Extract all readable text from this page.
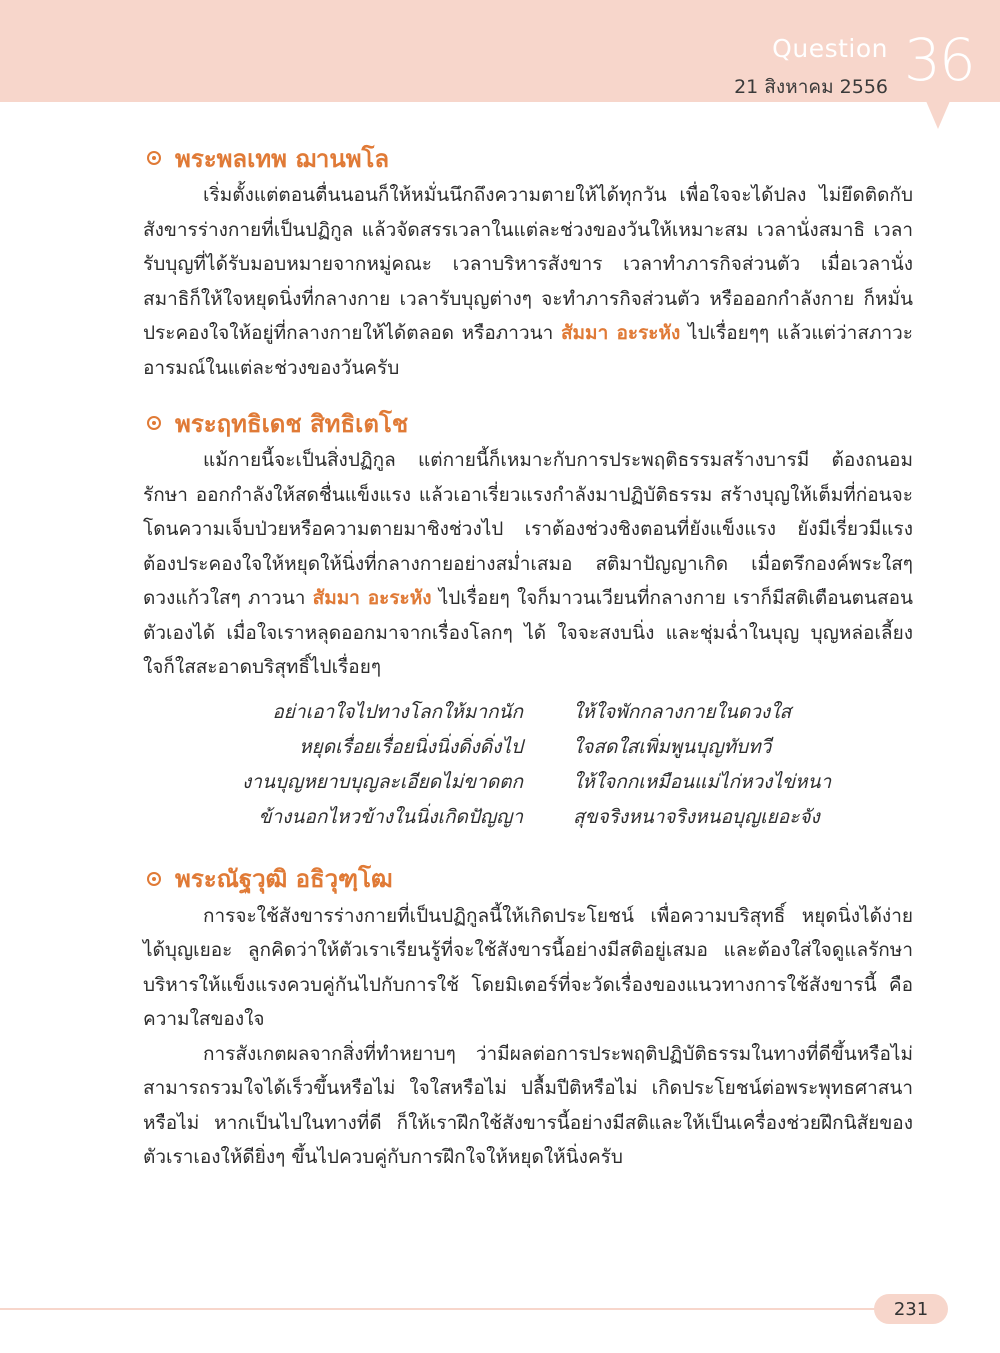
Question
21 สิงหาคม 2556 36
พระพลเทพ ฌานพโล

เริ่มตั้งแต่ตอนตื่นนอนก็ให้หมั่นนึกถึงความตายให้ได้ทุกวัน เพื่อใจจะได้ปลง ไม่ยึดติดกับสังขารร่างกายที่เป็นปฏิกูล แล้วจัดสรรเวลาในแต่ละช่วงของวันให้เหมาะสม เวลานั่งสมาธิ เวลารับบุญที่ได้รับมอบหมายจากหมู่คณะ เวลาบริหารสังขาร เวลาทำภารกิจส่วนตัว เมื่อเวลานั่งสมาธิก็ให้ใจหยุดนิ่งที่กลางกาย เวลารับบุญต่างๆ จะทำภารกิจส่วนตัว หรือออกกำลังกาย ก็หมั่นประคองใจให้อยู่ที่กลางกายให้ได้ตลอด หรือภาวนา สัมมา อะระหัง ไปเรื่อยๆๆ แล้วแต่ว่าสภาวะอารมณ์ในแต่ละช่วงของวันครับ

พระฤทธิเดช สิทธิเตโช

แม้กายนี้จะเป็นสิ่งปฏิกูล แต่กายนี้ก็เหมาะกับการประพฤติธรรมสร้างบารมี ต้องถนอม รักษา ออกกำลังให้สดชื่นแข็งแรง แล้วเอาเรี่ยวแรงกำลังมาปฏิบัติธรรม สร้างบุญให้เต็มที่ก่อนจะโดนความเจ็บป่วยหรือความตายมาชิงช่วงไป เราต้องช่วงชิงตอนที่ยังแข็งแรง ยังมีเรี่ยวมีแรง ต้องประคองใจให้หยุดให้นิ่งที่กลางกายอย่างสม่ำเสมอ สติมาปัญญาเกิด เมื่อตรึกองค์พระใสๆ ดวงแก้วใสๆ ภาวนา สัมมา อะระหัง ไปเรื่อยๆ ใจก็มาวนเวียนที่กลางกาย เราก็มีสติเตือนตนสอนตัวเองได้ เมื่อใจเราหลุดออกมาจากเรื่องโลกๆ ได้ ใจจะสงบนิ่ง และชุ่มฉ่ำในบุญ บุญหล่อเลี้ยง ใจก็ใสสะอาดบริสุทธิ์ไปเรื่อยๆ

อย่าเอาใจไปทางโลกให้มากนัก	ให้ใจพักกลางกายในดวงใส
หยุดเรื่อยเรื่อยนิ่งนิ่งดิ่งดิ่งไป	ใจสดใสเพิ่มพูนบุญทับทวี
งานบุญหยาบบุญละเอียดไม่ขาดตก	ให้ใจกกเหมือนแม่ไก่หวงไข่หนา
ข้างนอกไหวข้างในนิ่งเกิดปัญญา	สุขจริงหนาจริงหนอบุญเยอะจัง
พระณัฐวุฒิ อธิวุฑฺโฒ

การจะใช้สังขารร่างกายที่เป็นปฏิกูลนี้ให้เกิดประโยชน์ เพื่อความบริสุทธิ์ หยุดนิ่งได้ง่าย ได้บุญเยอะ ลูกคิดว่าให้ตัวเราเรียนรู้ที่จะใช้สังขารนี้อย่างมีสติอยู่เสมอ และต้องใส่ใจดูแลรักษาบริหารให้แข็งแรงควบคู่กันไปกับการใช้ โดยมิเตอร์ที่จะวัดเรื่องของแนวทางการใช้สังขารนี้ คือความใสของใจ

การสังเกตผลจากสิ่งที่ทำหยาบๆ ว่ามีผลต่อการประพฤติปฏิบัติธรรมในทางที่ดีขึ้นหรือไม่ สามารถรวมใจได้เร็วขึ้นหรือไม่ ใจใสหรือไม่ ปลื้มปีติหรือไม่ เกิดประโยชน์ต่อพระพุทธศาสนาหรือไม่ หากเป็นไปในทางที่ดี ก็ให้เราฝึกใช้สังขารนี้อย่างมีสติและให้เป็นเครื่องช่วยฝึกนิสัยของตัวเราเองให้ดียิ่งๆ ขึ้นไปควบคู่กับการฝึกใจให้หยุดให้นิ่งครับ

231
